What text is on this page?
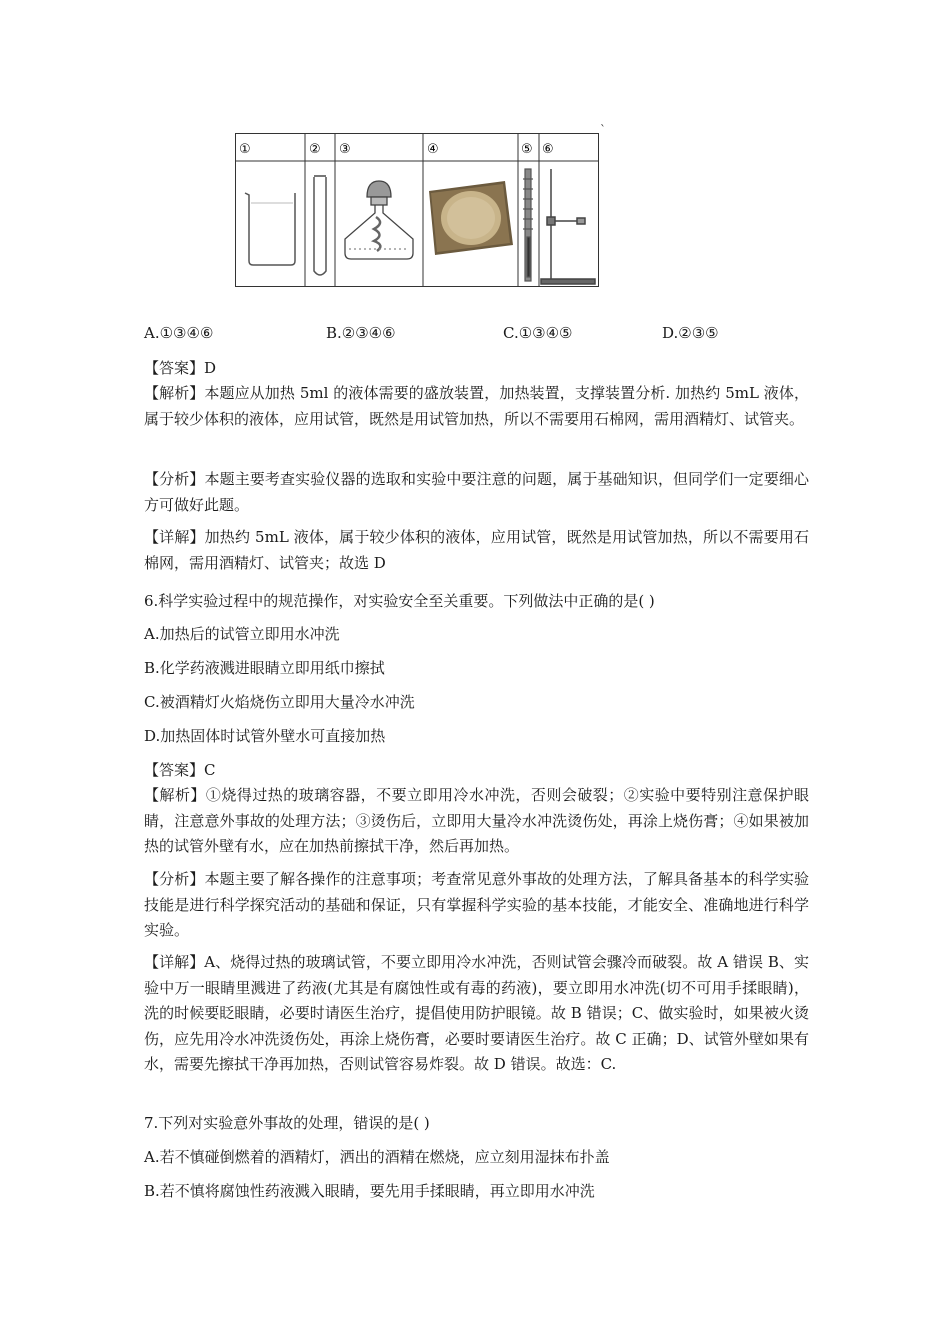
①	② ③	④	⑤ ⑥
`
A.①③④⑥	B.②③④⑥	C.①③④⑤	D.②③⑤
【答案】D
【解析】本题应从加热 5ml 的液体需要的盛放装置，加热装置，支撑装置分析. 加热约 5mL 液体，属于较少体积的液体，应用试管，既然是用试管加热，所以不需要用石棉网，需用酒精灯、试管夹。
【分析】本题主要考查实验仪器的选取和实验中要注意的问题，属于基础知识，但同学们一定要细心方可做好此题。
【详解】加热约 5mL 液体，属于较少体积的液体，应用试管，既然是用试管加热，所以不需要用石棉网，需用酒精灯、试管夹；故选 D
6.科学实验过程中的规范操作，对实验安全至关重要。下列做法中正确的是( )
A.加热后的试管立即用水冲洗
B.化学药液溅进眼睛立即用纸巾擦拭
C.被酒精灯火焰烧伤立即用大量冷水冲洗
D.加热固体时试管外壁水可直接加热
【答案】C
【解析】①烧得过热的玻璃容器，不要立即用冷水冲洗，否则会破裂；②实验中要特别注意保护眼睛，注意意外事故的处理方法；③烫伤后，立即用大量冷水冲洗烫伤处，再涂上烧伤膏；④如果被加热的试管外壁有水，应在加热前擦拭干净，然后再加热。
【分析】本题主要了解各操作的注意事项；考查常见意外事故的处理方法，了解具备基本的科学实验技能是进行科学探究活动的基础和保证，只有掌握科学实验的基本技能，才能安全、准确地进行科学实验。
【详解】A、烧得过热的玻璃试管，不要立即用冷水冲洗，否则试管会骤冷而破裂。故 A 错误 B、实验中万一眼睛里溅进了药液(尤其是有腐蚀性或有毒的药液)，要立即用水冲洗(切不可用手揉眼睛)，洗的时候要眨眼睛，必要时请医生治疗，提倡使用防护眼镜。故 B 错误；C、做实验时，如果被火烫伤，应先用冷水冲洗烫伤处，再涂上烧伤膏，必要时要请医生治疗。故 C 正确；D、试管外壁如果有水，需要先擦拭干净再加热，否则试管容易炸裂。故 D 错误。故选：C.
7.下列对实验意外事故的处理，错误的是( )
A.若不慎碰倒燃着的酒精灯，洒出的酒精在燃烧，应立刻用湿抹布扑盖
B.若不慎将腐蚀性药液溅入眼睛，要先用手揉眼睛，再立即用水冲洗
